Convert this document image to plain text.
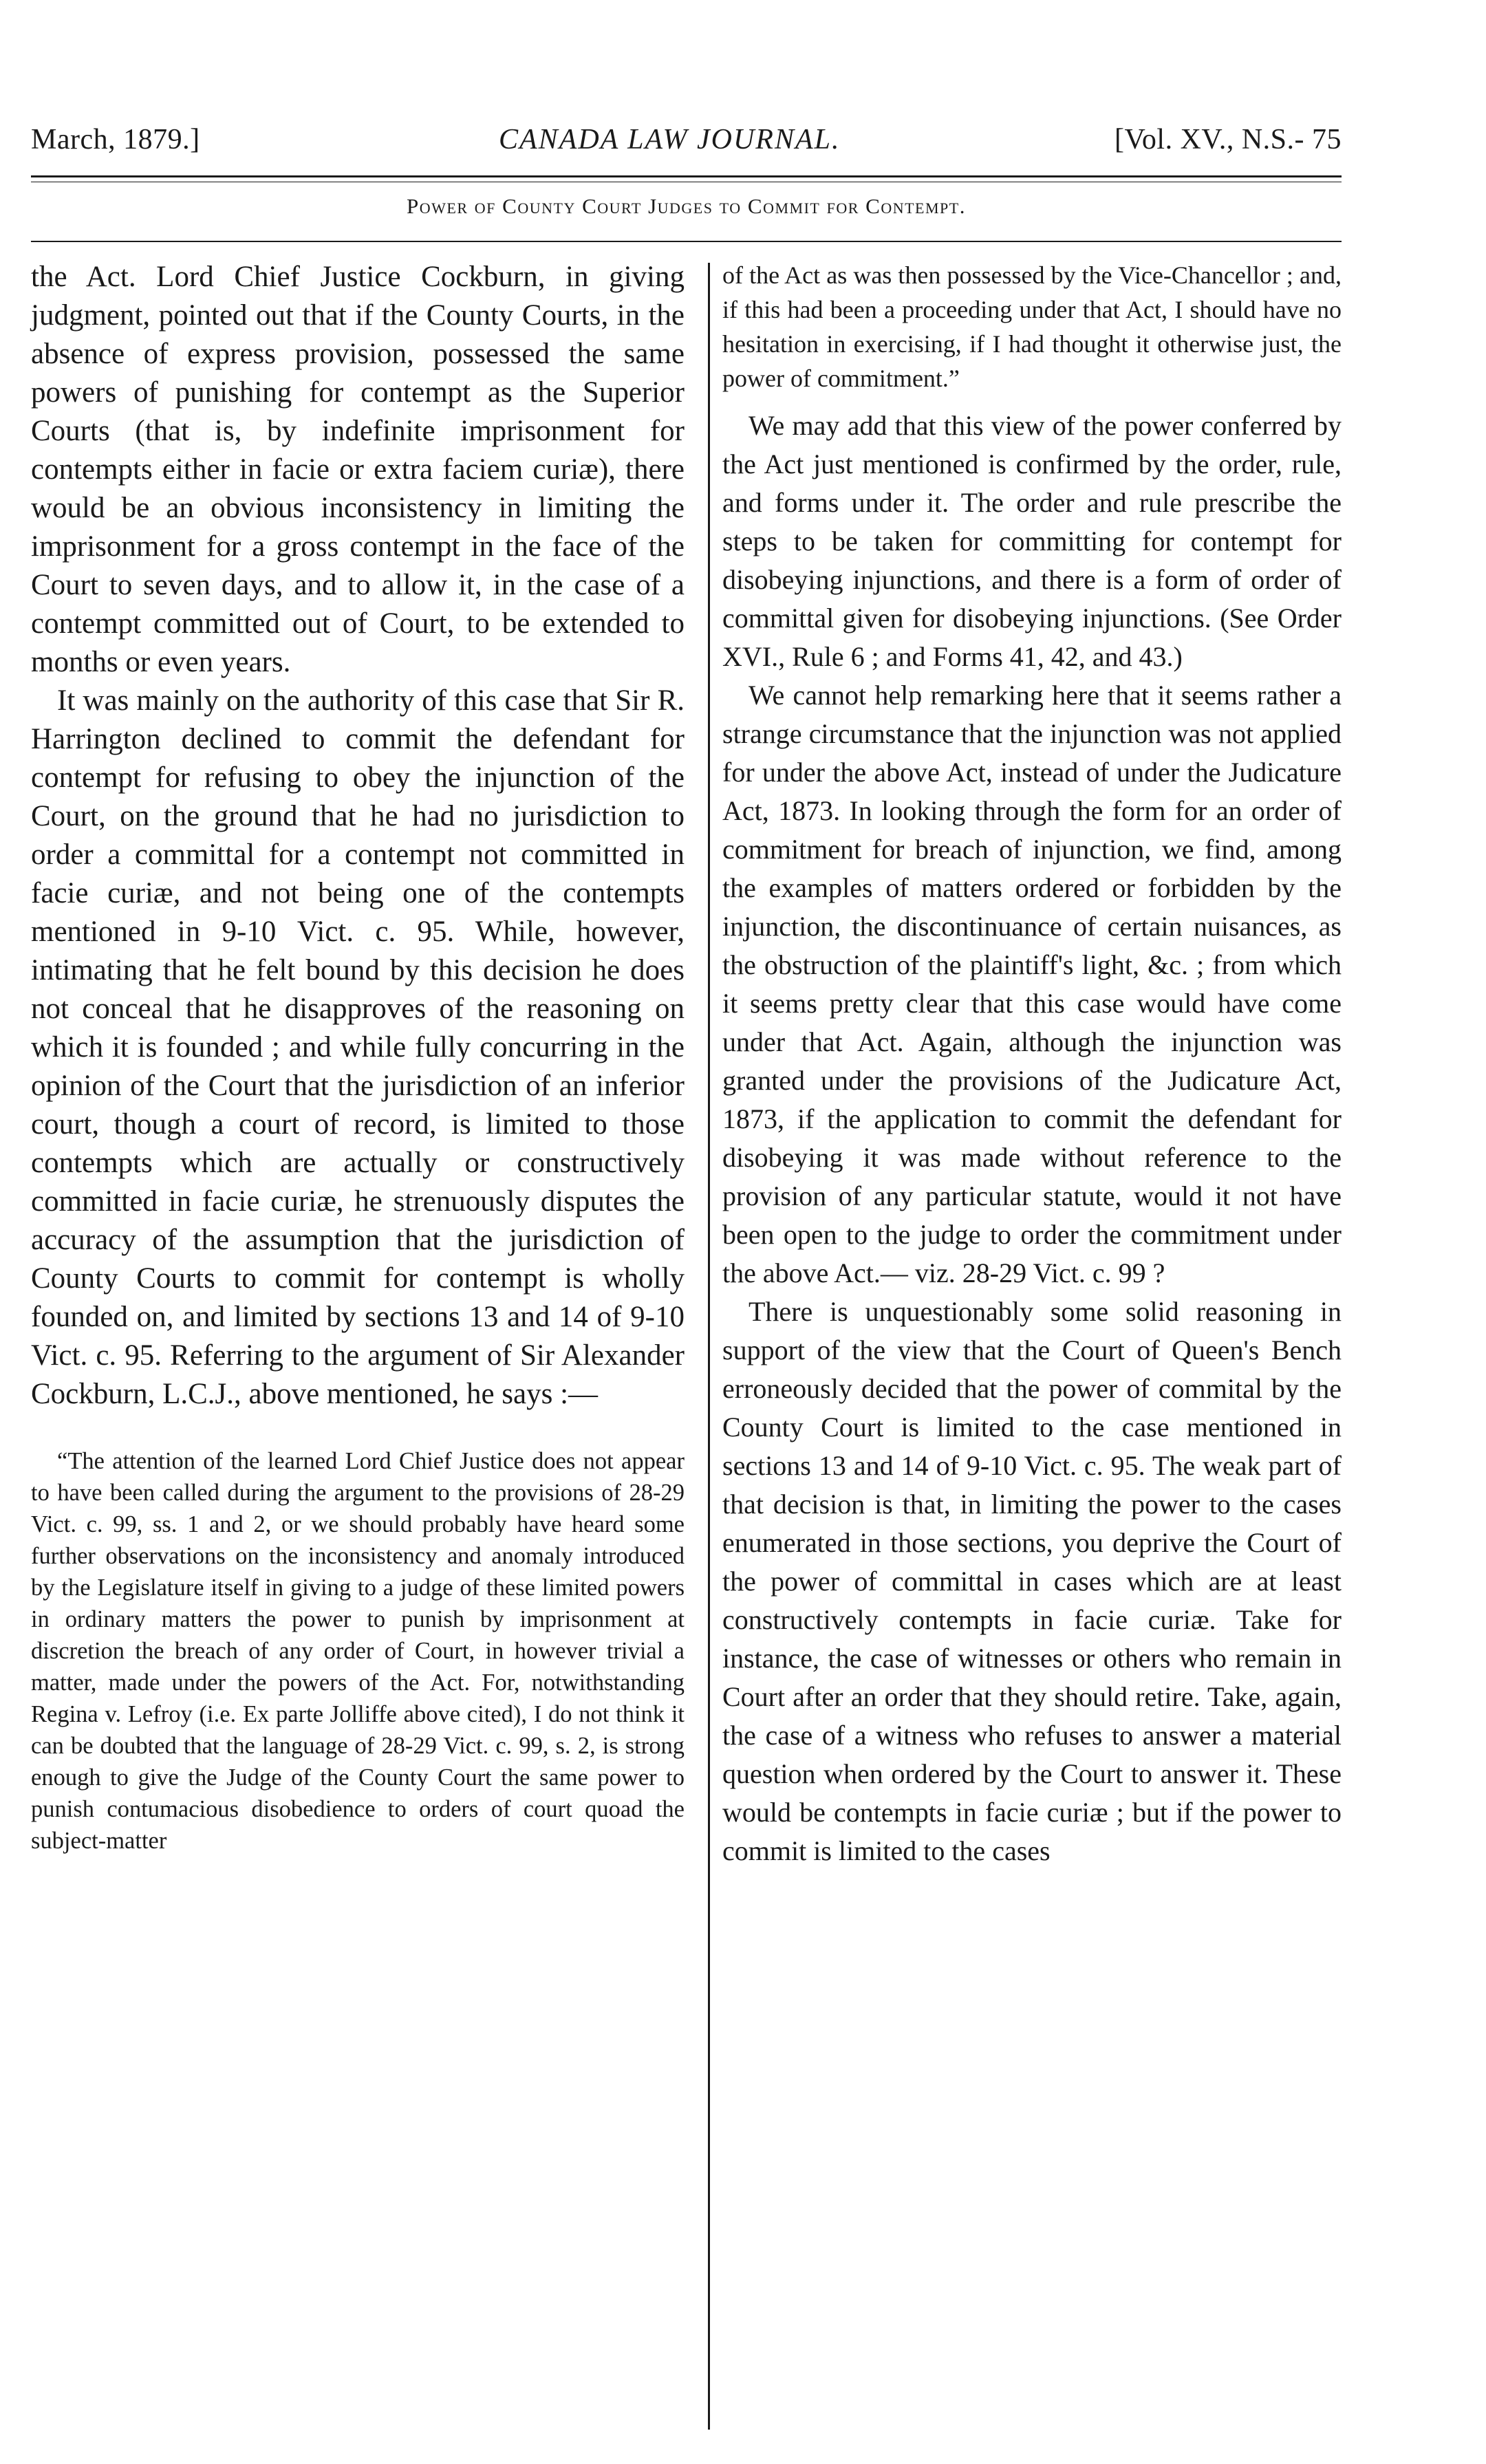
March, 1879.]	CANADA LAW JOURNAL.	[Vol. XV., N.S.- 75
Power of County Court Judges to Commit for Contempt.

the Act. Lord Chief Justice Cockburn, in giving judgment, pointed out that if the County Courts, in the absence of express provision, possessed the same powers of punishing for contempt as the Superior Courts (that is, by indefinite imprisonment for contempts either in facie or extra faciem curiæ), there would be an obvious inconsistency in limiting the imprisonment for a gross contempt in the face of the Court to seven days, and to allow it, in the case of a contempt committed out of Court, to be extended to months or even years.

It was mainly on the authority of this case that Sir R. Harrington declined to commit the defendant for contempt for refusing to obey the injunction of the Court, on the ground that he had no jurisdiction to order a committal for a contempt not committed in facie curiæ, and not being one of the contempts mentioned in 9-10 Vict. c. 95. While, however, intimating that he felt bound by this decision he does not conceal that he disapproves of the reasoning on which it is founded ; and while fully concurring in the opinion of the Court that the jurisdiction of an inferior court, though a court of record, is limited to those contempts which are actually or constructively committed in facie curiæ, he strenuously disputes the accuracy of the assumption that the jurisdiction of County Courts to commit for contempt is wholly founded on, and limited by sections 13 and 14 of 9-10 Vict. c. 95. Referring to the argument of Sir Alexander Cockburn, L.C.J., above mentioned, he says :—

“The attention of the learned Lord Chief Justice does not appear to have been called during the argument to the provisions of 28-29 Vict. c. 99, ss. 1 and 2, or we should probably have heard some further observations on the inconsistency and anomaly introduced by the Legislature itself in giving to a judge of these limited powers in ordinary matters the power to punish by imprisonment at discretion the breach of any order of Court, in however trivial a matter, made under the powers of the Act. For, notwithstanding Regina v. Lefroy (i.e. Ex parte Jolliffe above cited), I do not think it can be doubted that the language of 28-29 Vict. c. 99, s. 2, is strong enough to give the Judge of the County Court the same power to punish contumacious disobedience to orders of court quoad the subject-matter

of the Act as was then possessed by the Vice-Chancellor ; and, if this had been a proceeding under that Act, I should have no hesitation in exercising, if I had thought it otherwise just, the power of commitment.”

We may add that this view of the power conferred by the Act just mentioned is confirmed by the order, rule, and forms under it. The order and rule prescribe the steps to be taken for committing for contempt for disobeying injunctions, and there is a form of order of committal given for disobeying injunctions. (See Order XVI., Rule 6 ; and Forms 41, 42, and 43.)

We cannot help remarking here that it seems rather a strange circumstance that the injunction was not applied for under the above Act, instead of under the Judicature Act, 1873. In looking through the form for an order of commitment for breach of injunction, we find, among the examples of matters ordered or forbidden by the injunction, the discontinuance of certain nuisances, as the obstruction of the plaintiff's light, &c. ; from which it seems pretty clear that this case would have come under that Act. Again, although the injunction was granted under the provisions of the Judicature Act, 1873, if the application to commit the defendant for disobeying it was made without reference to the provision of any particular statute, would it not have been open to the judge to order the commitment under the above Act.— viz. 28-29 Vict. c. 99 ?

There is unquestionably some solid reasoning in support of the view that the Court of Queen's Bench erroneously decided that the power of commital by the County Court is limited to the case mentioned in sections 13 and 14 of 9-10 Vict. c. 95. The weak part of that decision is that, in limiting the power to the cases enumerated in those sections, you deprive the Court of the power of committal in cases which are at least constructively contempts in facie curiæ. Take for instance, the case of witnesses or others who remain in Court after an order that they should retire. Take, again, the case of a witness who refuses to answer a material question when ordered by the Court to answer it. These would be contempts in facie curiæ ; but if the power to commit is limited to the cases
